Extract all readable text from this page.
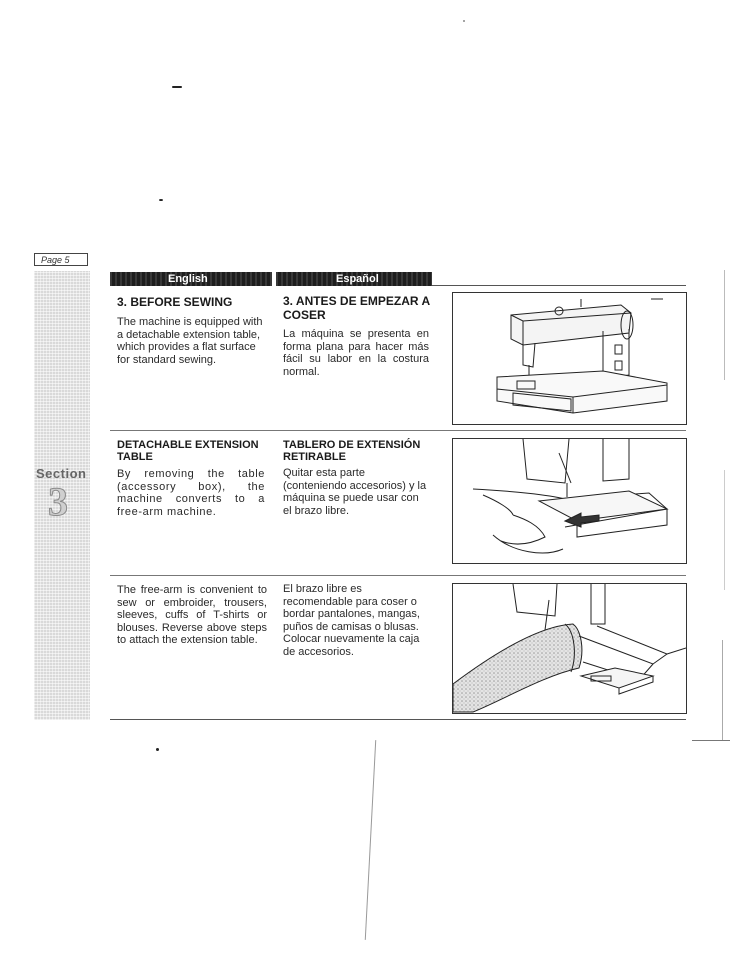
Page 5
Section
3
English	Español
3. BEFORE SEWING
The machine is equipped with a detachable extension table, which provides a flat surface for standard sewing.
3. ANTES DE EMPEZAR A COSER
La máquina se presenta en forma plana para hacer más fácil su labor en la costura normal.
DETACHABLE EXTENSION TABLE
By removing the table (accessory box), the machine converts to a free-arm machine.
TABLERO DE EXTENSIÓN RETIRABLE
Quitar esta parte (conteniendo accesorios) y la máquina se puede usar con el brazo libre.
The free-arm is convenient to sew or embroider, trousers, sleeves, cuffs of T-shirts or blouses. Reverse above steps to attach the extension table.
El brazo libre es recomendable para coser o bordar pantalones, mangas, puños de camisas o blusas. Colocar nuevamente la caja de accesorios.
